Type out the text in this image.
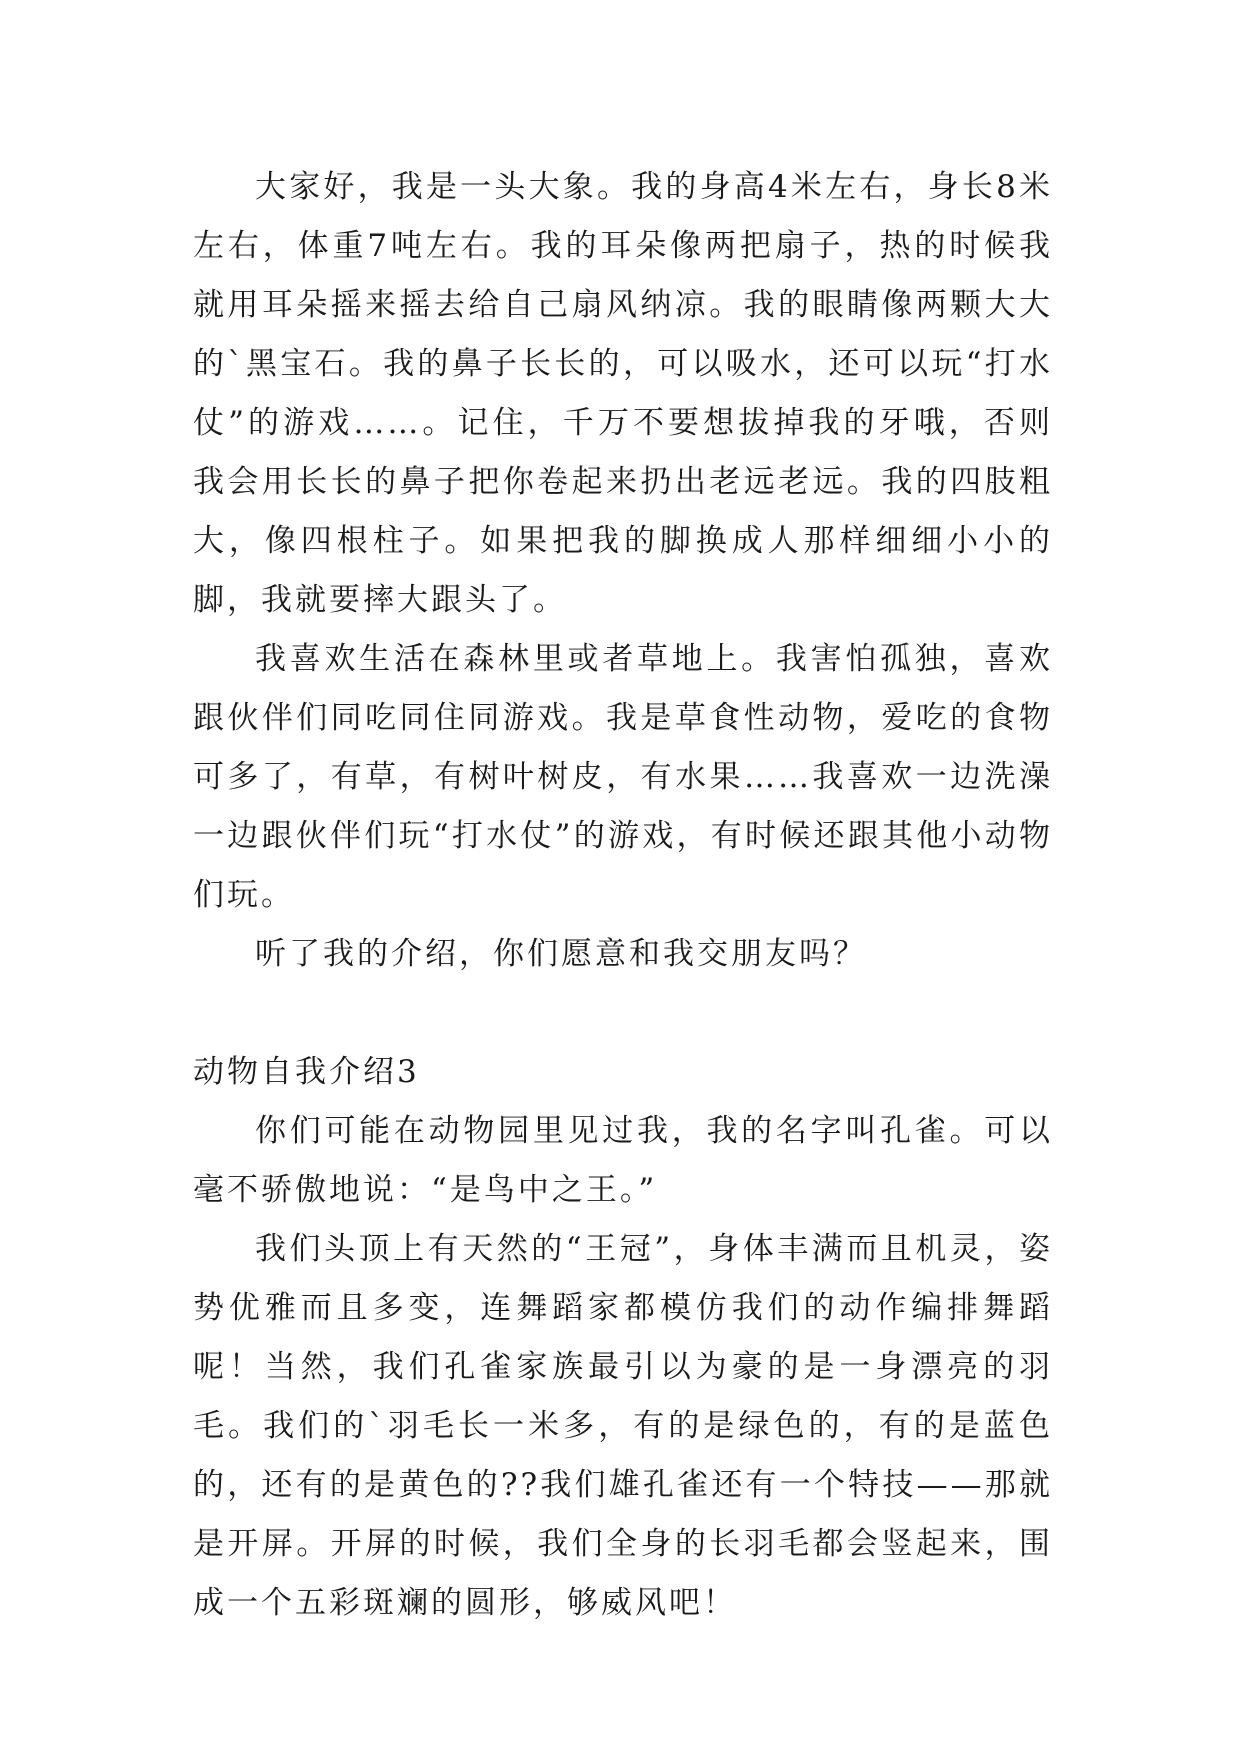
大家好，我是一头大象。我的身高4米左右，身长8米左右，体重7吨左右。我的耳朵像两把扇子，热的时候我就用耳朵摇来摇去给自己扇风纳凉。我的眼睛像两颗大大的`黑宝石。我的鼻子长长的，可以吸水，还可以玩“打水仗”的游戏……。记住，千万不要想拔掉我的牙哦，否则我会用长长的鼻子把你卷起来扔出老远老远。我的四肢粗大，像四根柱子。如果把我的脚换成人那样细细小小的脚，我就要摔大跟头了。

我喜欢生活在森林里或者草地上。我害怕孤独，喜欢跟伙伴们同吃同住同游戏。我是草食性动物，爱吃的食物可多了，有草，有树叶树皮，有水果……我喜欢一边洗澡一边跟伙伴们玩“打水仗”的游戏，有时候还跟其他小动物们玩。

听了我的介绍，你们愿意和我交朋友吗？

动物自我介绍3

你们可能在动物园里见过我，我的名字叫孔雀。可以毫不骄傲地说：“是鸟中之王。”

我们头顶上有天然的“王冠”，身体丰满而且机灵，姿势优雅而且多变，连舞蹈家都模仿我们的动作编排舞蹈呢！当然，我们孔雀家族最引以为豪的是一身漂亮的羽毛。我们的`羽毛长一米多，有的是绿色的，有的是蓝色的，还有的是黄色的??我们雄孔雀还有一个特技——那就是开屏。开屏的时候，我们全身的长羽毛都会竖起来，围成一个五彩斑斓的圆形，够威风吧！
